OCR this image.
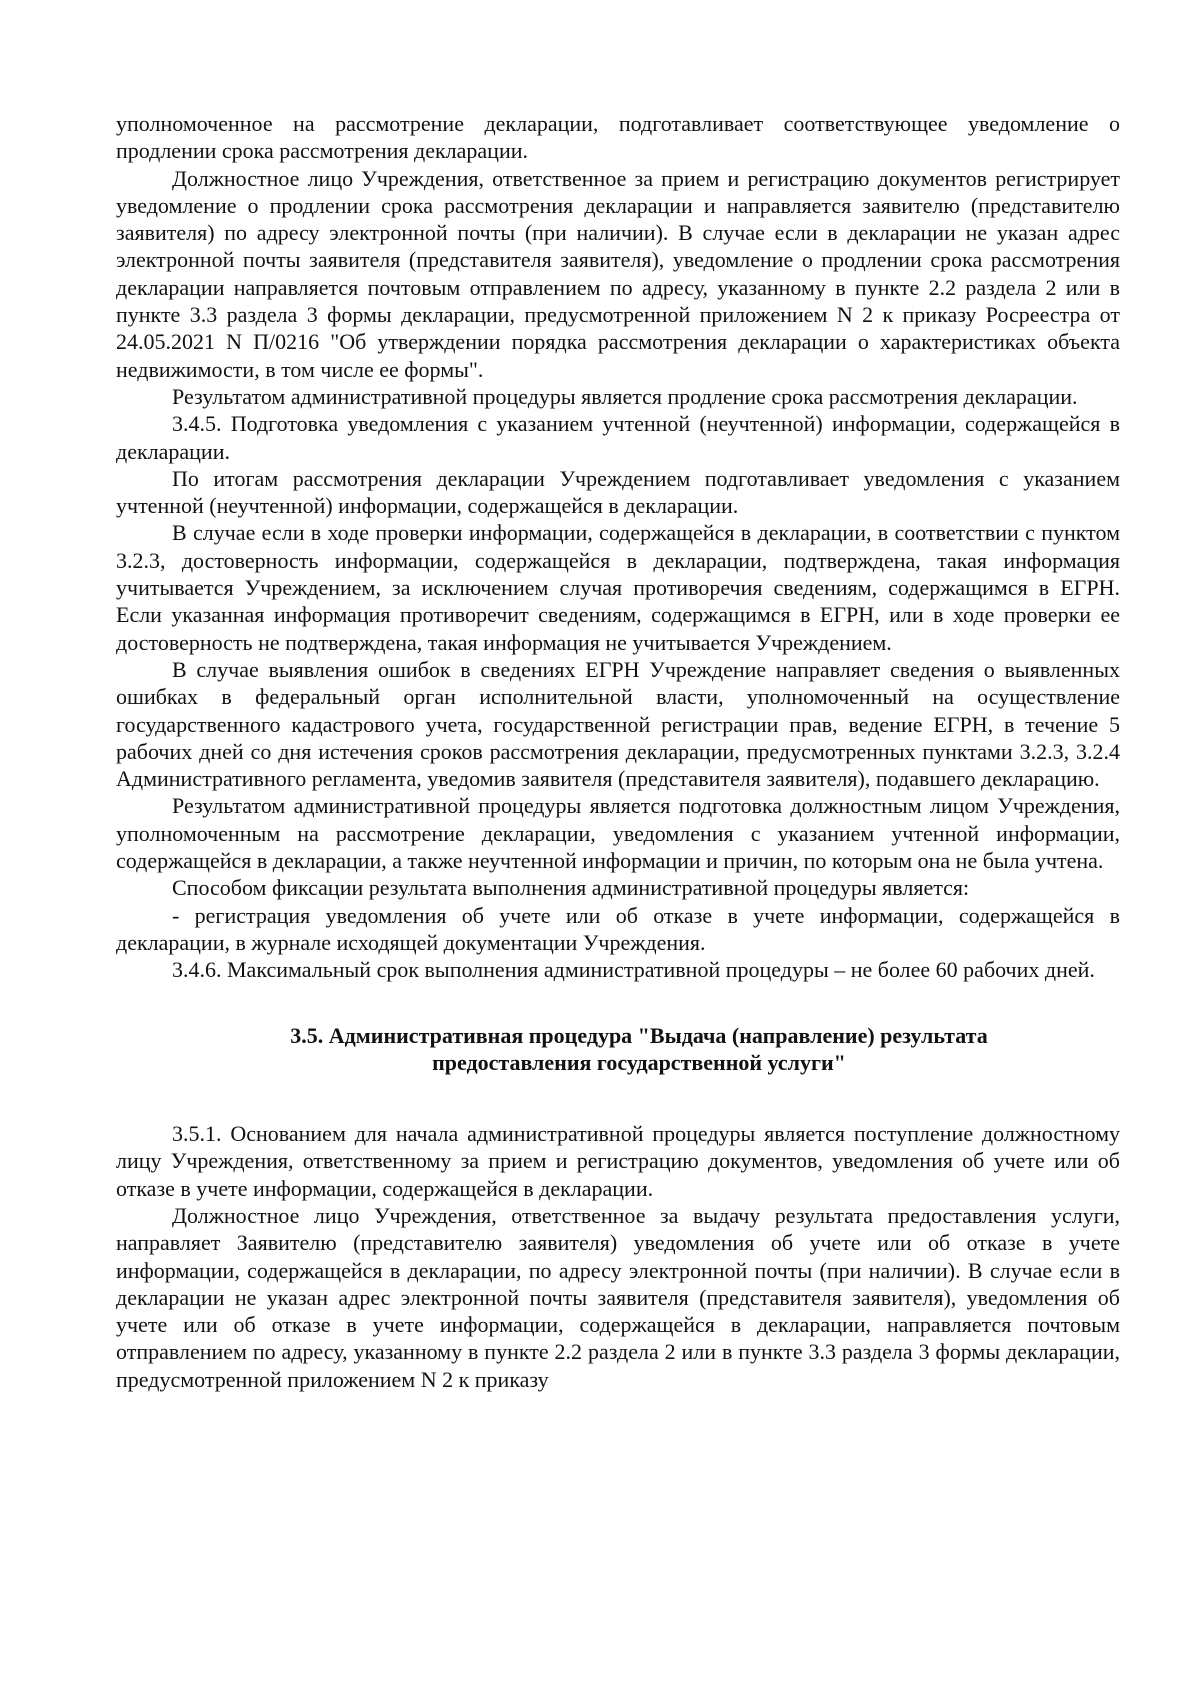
уполномоченное на рассмотрение декларации, подготавливает соответствующее уведомление о продлении срока рассмотрения декларации.

Должностное лицо Учреждения, ответственное за прием и регистрацию документов регистрирует уведомление о продлении срока рассмотрения декларации и направляется заявителю (представителю заявителя) по адресу электронной почты (при наличии). В случае если в декларации не указан адрес электронной почты заявителя (представителя заявителя), уведомление о продлении срока рассмотрения декларации направляется почтовым отправлением по адресу, указанному в пункте 2.2 раздела 2 или в пункте 3.3 раздела 3 формы декларации, предусмотренной приложением N 2 к приказу Росреестра от 24.05.2021 N П/0216 "Об утверждении порядка рассмотрения декларации о характеристиках объекта недвижимости, в том числе ее формы".

Результатом административной процедуры является продление срока рассмотрения декларации.

3.4.5. Подготовка уведомления с указанием учтенной (неучтенной) информации, содержащейся в декларации.

По итогам рассмотрения декларации Учреждением подготавливает уведомления с указанием учтенной (неучтенной) информации, содержащейся в декларации.

В случае если в ходе проверки информации, содержащейся в декларации, в соответствии с пунктом 3.2.3, достоверность информации, содержащейся в декларации, подтверждена, такая информация учитывается Учреждением, за исключением случая противоречия сведениям, содержащимся в ЕГРН. Если указанная информация противоречит сведениям, содержащимся в ЕГРН, или в ходе проверки ее достоверность не подтверждена, такая информация не учитывается Учреждением.

В случае выявления ошибок в сведениях ЕГРН Учреждение направляет сведения о выявленных ошибках в федеральный орган исполнительной власти, уполномоченный на осуществление государственного кадастрового учета, государственной регистрации прав, ведение ЕГРН, в течение 5 рабочих дней со дня истечения сроков рассмотрения декларации, предусмотренных пунктами 3.2.3, 3.2.4 Административного регламента, уведомив заявителя (представителя заявителя), подавшего декларацию.

Результатом административной процедуры является подготовка должностным лицом Учреждения, уполномоченным на рассмотрение декларации, уведомления с указанием учтенной информации, содержащейся в декларации, а также неучтенной информации и причин, по которым она не была учтена.

Способом фиксации результата выполнения административной процедуры является:

- регистрация уведомления об учете или об отказе в учете информации, содержащейся в декларации, в журнале исходящей документации Учреждения.

3.4.6. Максимальный срок выполнения административной процедуры – не более 60 рабочих дней.

3.5. Административная процедура "Выдача (направление) результата
предоставления государственной услуги"

3.5.1. Основанием для начала административной процедуры является поступление должностному лицу Учреждения, ответственному за прием и регистрацию документов, уведомления об учете или об отказе в учете информации, содержащейся в декларации.

Должностное лицо Учреждения, ответственное за выдачу результата предоставления услуги, направляет Заявителю (представителю заявителя) уведомления об учете или об отказе в учете информации, содержащейся в декларации, по адресу электронной почты (при наличии). В случае если в декларации не указан адрес электронной почты заявителя (представителя заявителя), уведомления об учете или об отказе в учете информации, содержащейся в декларации, направляется почтовым отправлением по адресу, указанному в пункте 2.2 раздела 2 или в пункте 3.3 раздела 3 формы декларации, предусмотренной приложением N 2 к приказу
